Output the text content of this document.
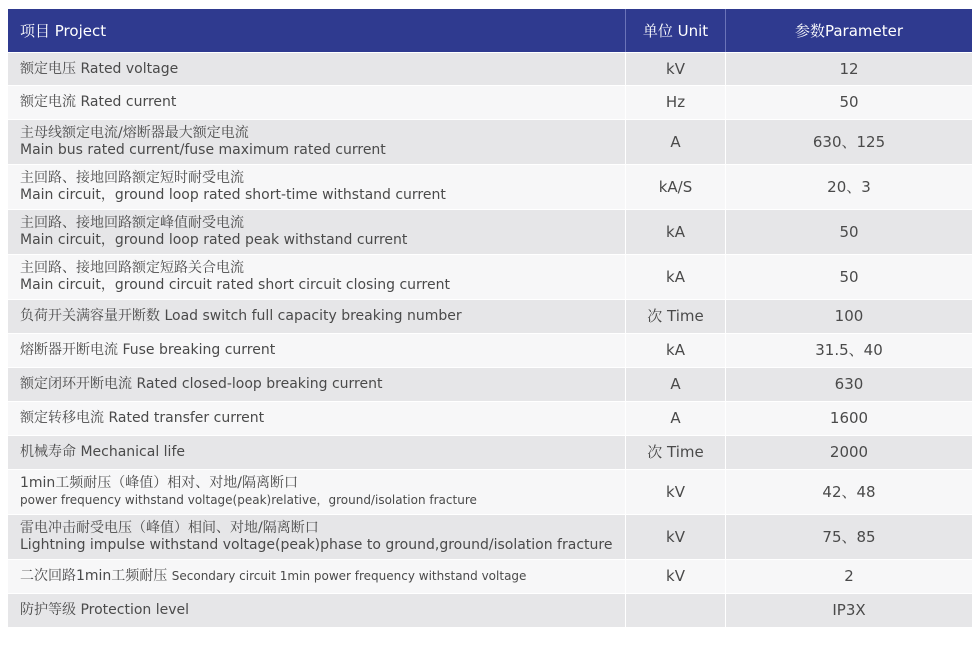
项目 Project	单位 Unit	参数Parameter
额定电压 Rated voltage	kV	12
额定电流 Rated current	Hz	50
主母线额定电流/熔断器最大额定电流
Main bus rated current/fuse maximum rated current	A	630、125
主回路、接地回路额定短时耐受电流
Main circuit，ground loop rated short-time withstand current	kA/S	20、3
主回路、接地回路额定峰值耐受电流
Main circuit，ground loop rated peak withstand current	kA	50
主回路、接地回路额定短路关合电流
Main circuit，ground circuit rated short circuit closing current	kA	50
负荷开关满容量开断数 Load switch full capacity breaking number	次 Time	100
熔断器开断电流 Fuse breaking current	kA	31.5、40
额定闭环开断电流 Rated closed-loop breaking current	A	630
额定转移电流 Rated transfer current	A	1600
机械寿命 Mechanical life	次 Time	2000
1min工频耐压（峰值）相对、对地/隔离断口
power frequency withstand voltage(peak)relative，ground/isolation fracture	kV	42、48
雷电冲击耐受电压（峰值）相间、对地/隔离断口
Lightning impulse withstand voltage(peak)phase to ground,ground/isolation fracture	kV	75、85
二次回路1min工频耐压 Secondary circuit 1min power frequency withstand voltage	kV	2
防护等级 Protection level		IP3X
